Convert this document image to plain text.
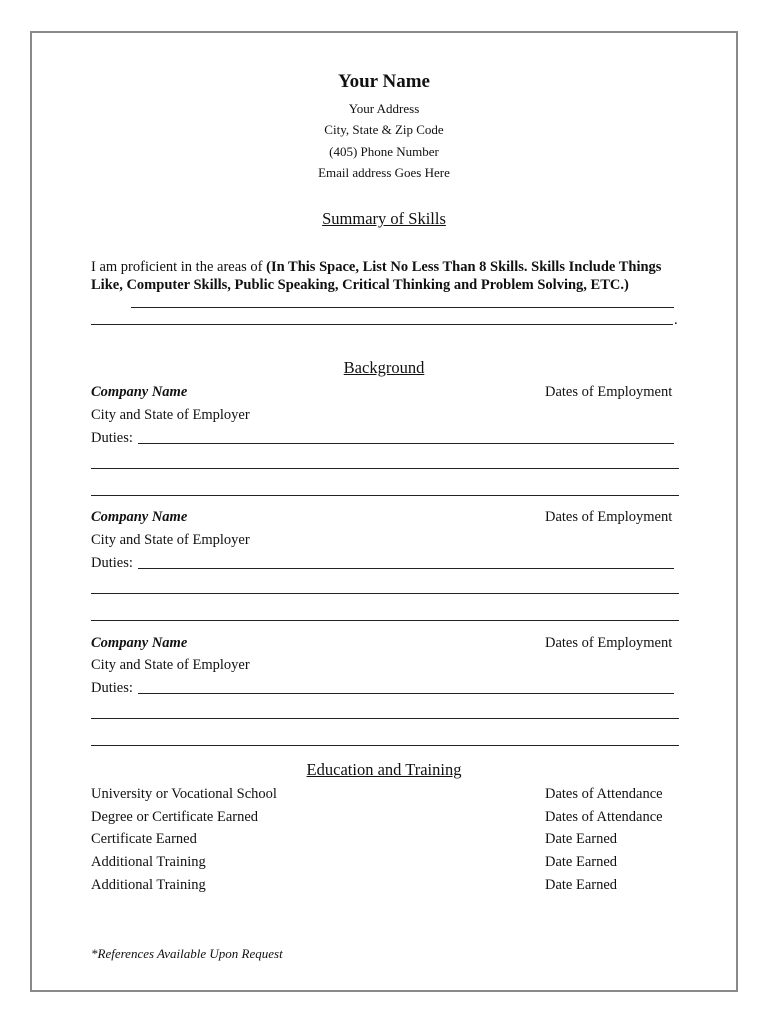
Your Name
Your Address
City, State & Zip Code
(405) Phone Number
Email address Goes Here
Summary of Skills
I am proficient in the areas of (In This Space, List No Less Than 8 Skills. Skills Include Things Like, Computer Skills, Public Speaking, Critical Thinking and Problem Solving, ETC.)
.
Background
Company Name	Dates of Employment
City and State of Employer
Duties:
Company Name	Dates of Employment
City and State of Employer
Duties:
Company Name	Dates of Employment
City and State of Employer
Duties:
Education and Training
University or Vocational School	Dates of Attendance
Degree or Certificate Earned	Dates of Attendance
Certificate Earned	Date Earned
Additional Training	Date Earned
Additional Training	Date Earned
*References Available Upon Request
